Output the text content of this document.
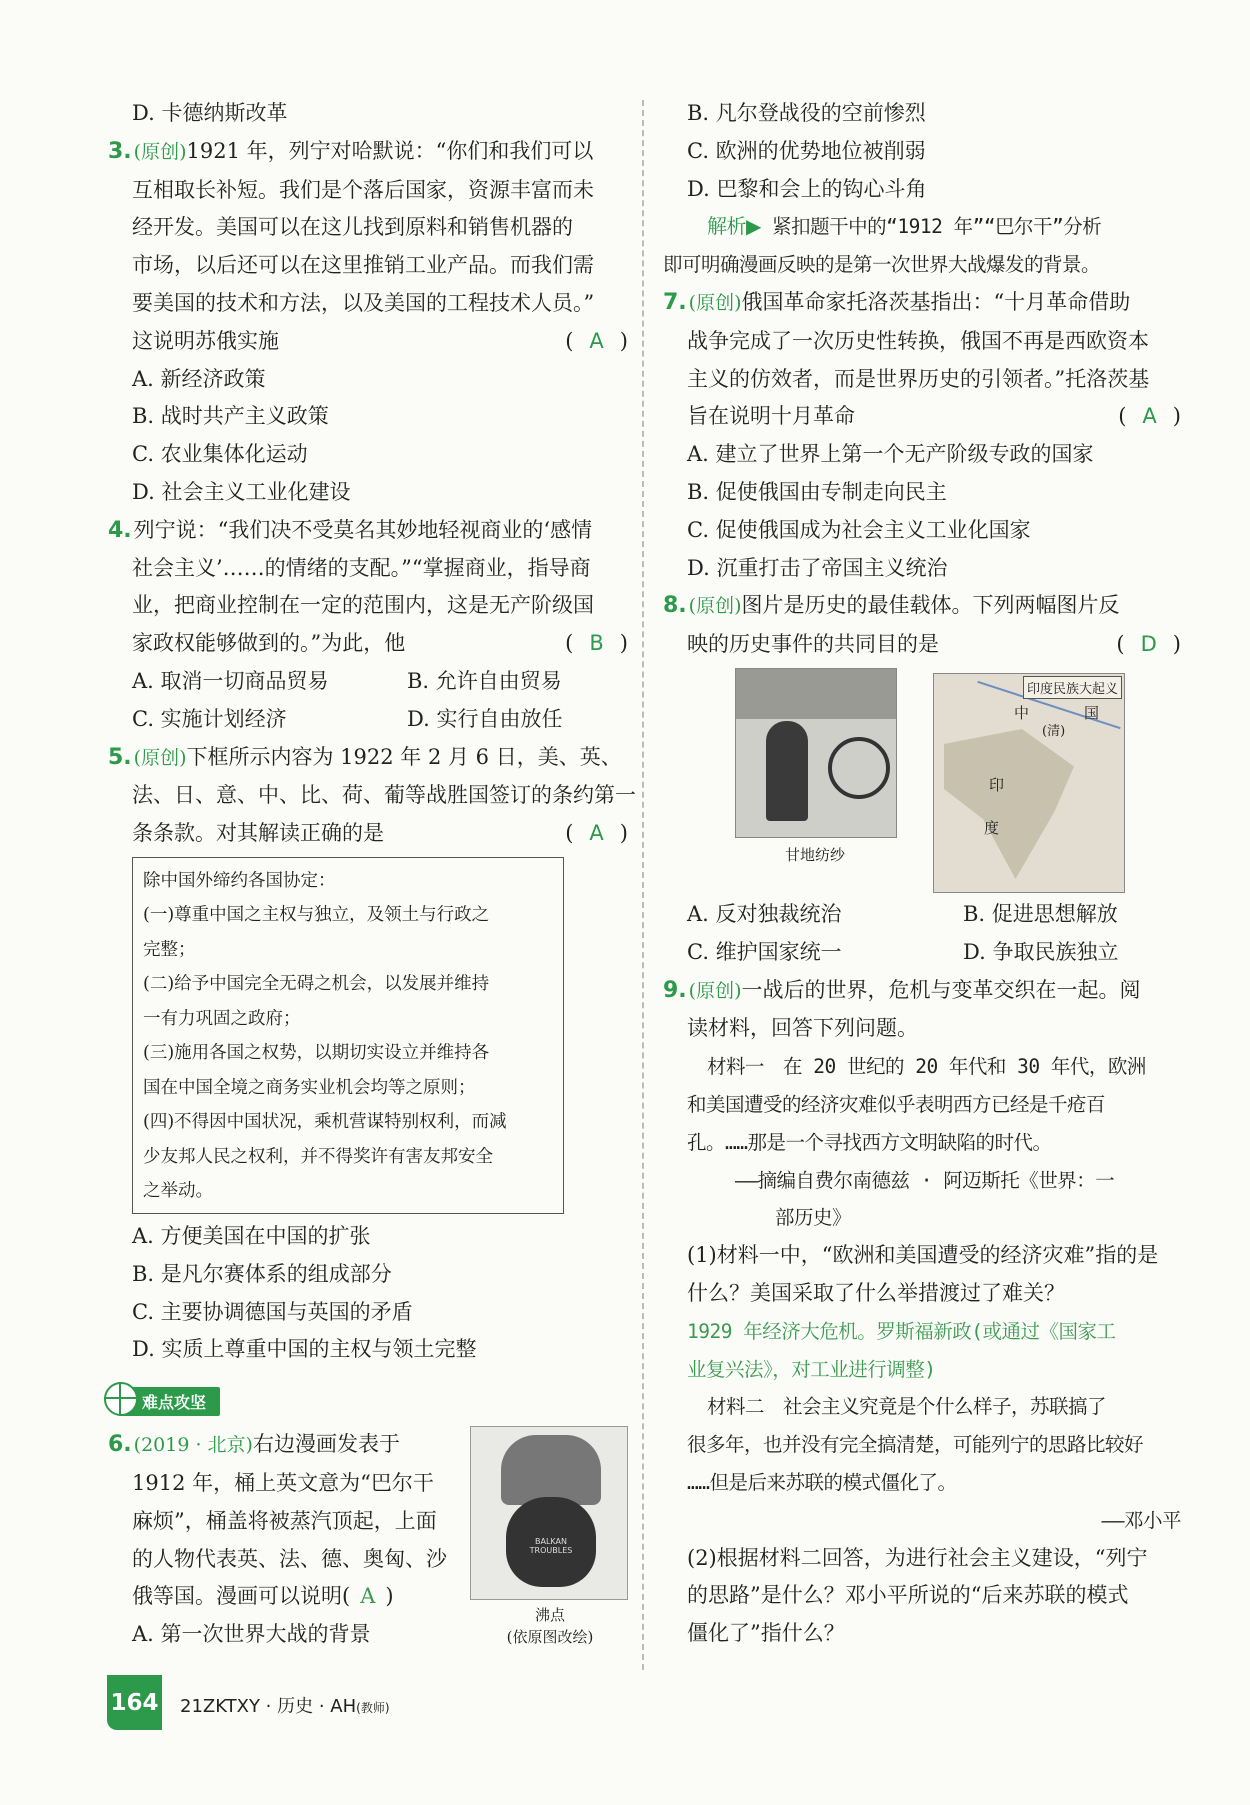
D. 卡德纳斯改革
3. (原创)1921 年，列宁对哈默说：“你们和我们可以
互相取长补短。我们是个落后国家，资源丰富而未
经开发。美国可以在这儿找到原料和销售机器的
市场，以后还可以在这里推销工业产品。而我们需
要美国的技术和方法，以及美国的工程技术人员。”
这说明苏俄实施	( A )
A. 新经济政策
B. 战时共产主义政策
C. 农业集体化运动
D. 社会主义工业化建设
4.列宁说：“我们决不受莫名其妙地轻视商业的‘感情
社会主义’……的情绪的支配。”“掌握商业，指导商
业，把商业控制在一定的范围内，这是无产阶级国
家政权能够做到的。”为此，他	( B )
A. 取消一切商品贸易	B. 允许自由贸易
C. 实施计划经济	D. 实行自由放任
5. (原创)下框所示内容为 1922 年 2 月 6 日，美、英、
法、日、意、中、比、荷、葡等战胜国签订的条约第一
条条款。对其解读正确的是	( A )
除中国外缔约各国协定：
(一)尊重中国之主权与独立，及领土与行政之
完整；
(二)给予中国完全无碍之机会，以发展并维持
一有力巩固之政府；
(三)施用各国之权势，以期切实设立并维持各
国在中国全境之商务实业机会均等之原则；
(四)不得因中国状况，乘机营谋特别权利，而减
少友邦人民之权利，并不得奖许有害友邦安全
之举动。
A. 方便美国在中国的扩张
B. 是凡尔赛体系的组成部分
C. 主要协调德国与英国的矛盾
D. 实质上尊重中国的主权与领土完整
难点攻坚
6. (2019 · 北京)右边漫画发表于
1912 年，桶上英文意为“巴尔干
麻烦”，桶盖将被蒸汽顶起，上面
的人物代表英、法、德、奥匈、沙
俄等国。漫画可以说明( A )
A. 第一次世界大战的背景
BALKAN TROUBLES
沸点
(依原图改绘)
B. 凡尔登战役的空前惨烈
C. 欧洲的优势地位被削弱
D. 巴黎和会上的钩心斗角
解析▶ 紧扣题干中的“1912 年”“巴尔干”分析
即可明确漫画反映的是第一次世界大战爆发的背景。
7. (原创)俄国革命家托洛茨基指出：“十月革命借助
战争完成了一次历史性转换，俄国不再是西欧资本
主义的仿效者，而是世界历史的引领者。”托洛茨基
旨在说明十月革命	( A )
A. 建立了世界上第一个无产阶级专政的国家
B. 促使俄国由专制走向民主
C. 促使俄国成为社会主义工业化国家
D. 沉重打击了帝国主义统治
8. (原创)图片是历史的最佳载体。下列两幅图片反
映的历史事件的共同目的是	( D )
甘地纺纱
印度民族大起义
中	国
(清)
印
度
A. 反对独裁统治	B. 促进思想解放
C. 维护国家统一	D. 争取民族独立
9. (原创)一战后的世界，危机与变革交织在一起。阅
读材料，回答下列问题。
材料一　在 20 世纪的 20 年代和 30 年代，欧洲
和美国遭受的经济灾难似乎表明西方已经是千疮百
孔。……那是一个寻找西方文明缺陷的时代。
——摘编自费尔南德兹 · 阿迈斯托《世界：一
部历史》
(1)材料一中，“欧洲和美国遭受的经济灾难”指的是
什么？美国采取了什么举措渡过了难关？
1929 年经济大危机。罗斯福新政(或通过《国家工
业复兴法》，对工业进行调整)
材料二　社会主义究竟是个什么样子，苏联搞了
很多年，也并没有完全搞清楚，可能列宁的思路比较好
……但是后来苏联的模式僵化了。
——邓小平
(2)根据材料二回答，为进行社会主义建设，“列宁
的思路”是什么？邓小平所说的“后来苏联的模式
僵化了”指什么？
164 21ZKTXY · 历史 · AH(教师)
